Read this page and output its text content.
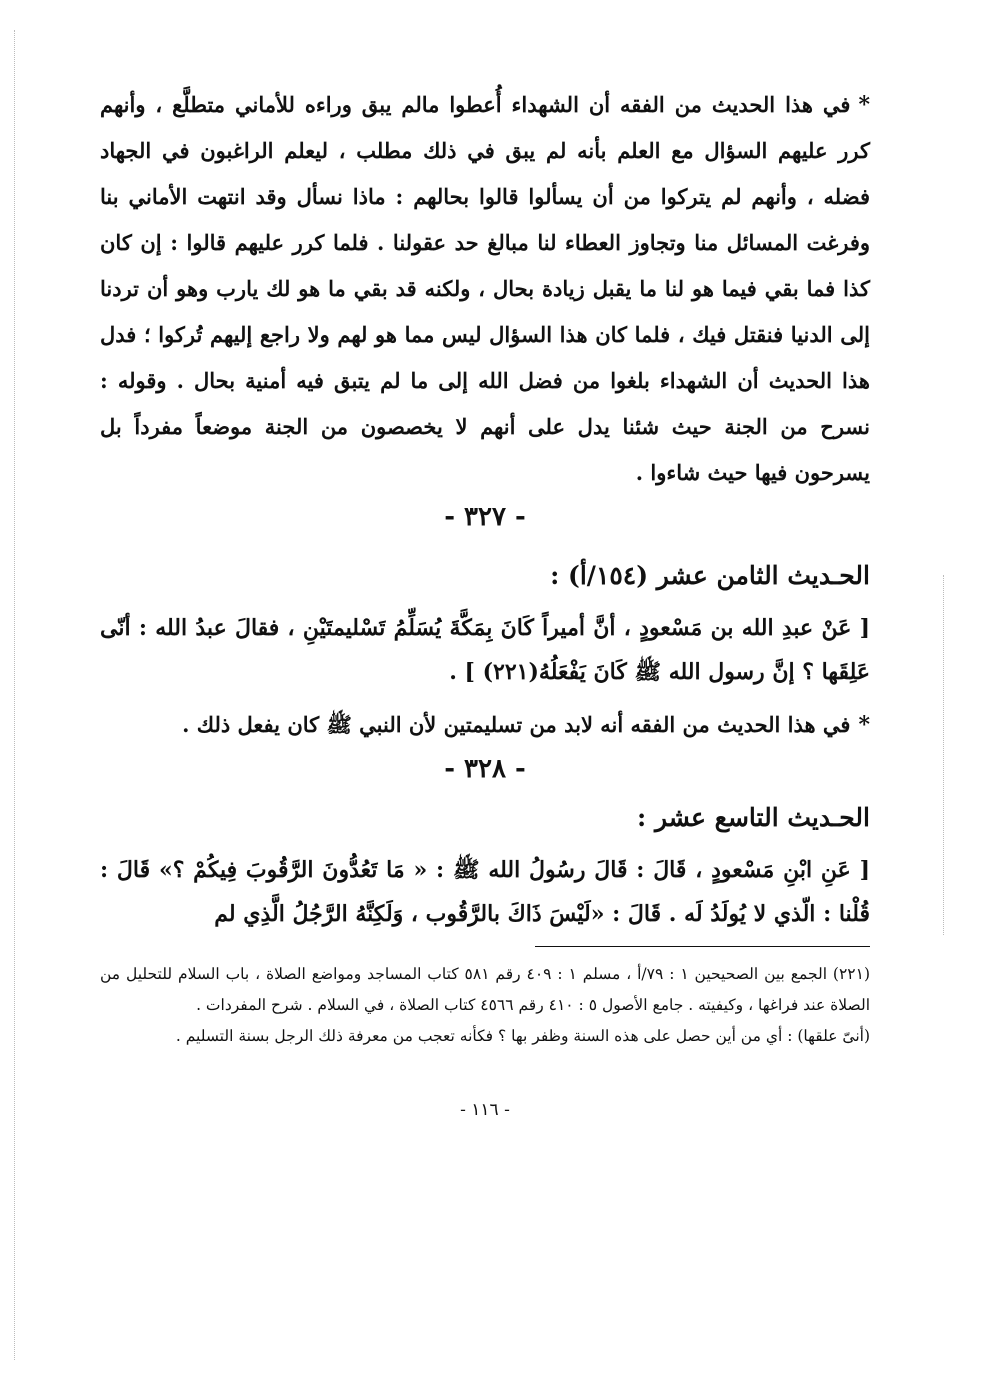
*في هذا الحديث من الفقه أن الشهداء أُعطوا مالم يبق وراءه للأماني متطلَّع ، وأنهم كرر عليهم السؤال مع العلم بأنه لم يبق في ذلك مطلب ، ليعلم الراغبون في الجهاد فضله ، وأنهم لم يتركوا من أن يسألوا قالوا بحالهم : ماذا نسأل وقد انتهت الأماني بنا وفرغت المسائل منا وتجاوز العطاء لنا مبالغ حد عقولنا . فلما كرر عليهم قالوا : إن كان كذا فما بقي فيما هو لنا ما يقبل زيادة بحال ، ولكنه قد بقي ما هو لك يارب وهو أن تردنا إلى الدنيا فنقتل فيك ، فلما كان هذا السؤال ليس مما هو لهم ولا راجع إليهم تُركوا ؛ فدل هذا الحديث أن الشهداء بلغوا من فضل الله إلى ما لم يتبق فيه أمنية بحال . وقوله : نسرح من الجنة حيث شئنا يدل على أنهم لا يخصصون من الجنة موضعاً مفرداً بل يسرحون فيها حيث شاءوا .

- ٣٢٧ -
الحـديث الثامن عشر (١٥٤/أ) :

[ عَنْ عبدِ الله بن مَسْعودٍ ، أنَّ أميراً كَانَ بِمَكَّةَ يُسَلِّمُ تَسْليمتَيْنِ ، فقالَ عبدُ الله : أنّى عَلِقَها ؟ إنَّ رسول الله ﷺ كَانَ يَفْعَلُهُ(٢٢١) ] .

*في هذا الحديث من الفقه أنه لابد من تسليمتين لأن النبي ﷺ كان يفعل ذلك .

- ٣٢٨ -
الحـديث التاسع عشر :

[ عَنِ ابْنِ مَسْعودٍ ، قَالَ : قَالَ رسُولُ الله ﷺ : « مَا تَعُدُّونَ الرَّقُوبَ فِيكُمْ ؟» قَالَ : قُلْنا : الّذي لا يُولَدُ لَه . قَالَ : «لَيْسَ ذَاكَ بالرَّقُوب ، وَلَكِنَّهُ الرَّجُلُ الَّذِي لم

(٢٢١) الجمع بين الصحيحين ١ : ٧٩/أ ، مسلم ١ : ٤٠٩ رقم ٥٨١ كتاب المساجد ومواضع الصلاة ، باب السلام للتحليل من الصلاة عند فراغها ، وكيفيته . جامع الأصول ٥ : ٤١٠ رقم ٤٥٦٦ كتاب الصلاة ، في السلام . شرح المفردات .

(أنىّ علقها) : أي من أين حصل على هذه السنة وظفر بها ؟ فكأنه تعجب من معرفة ذلك الرجل بسنة التسليم .

- ١١٦ -
